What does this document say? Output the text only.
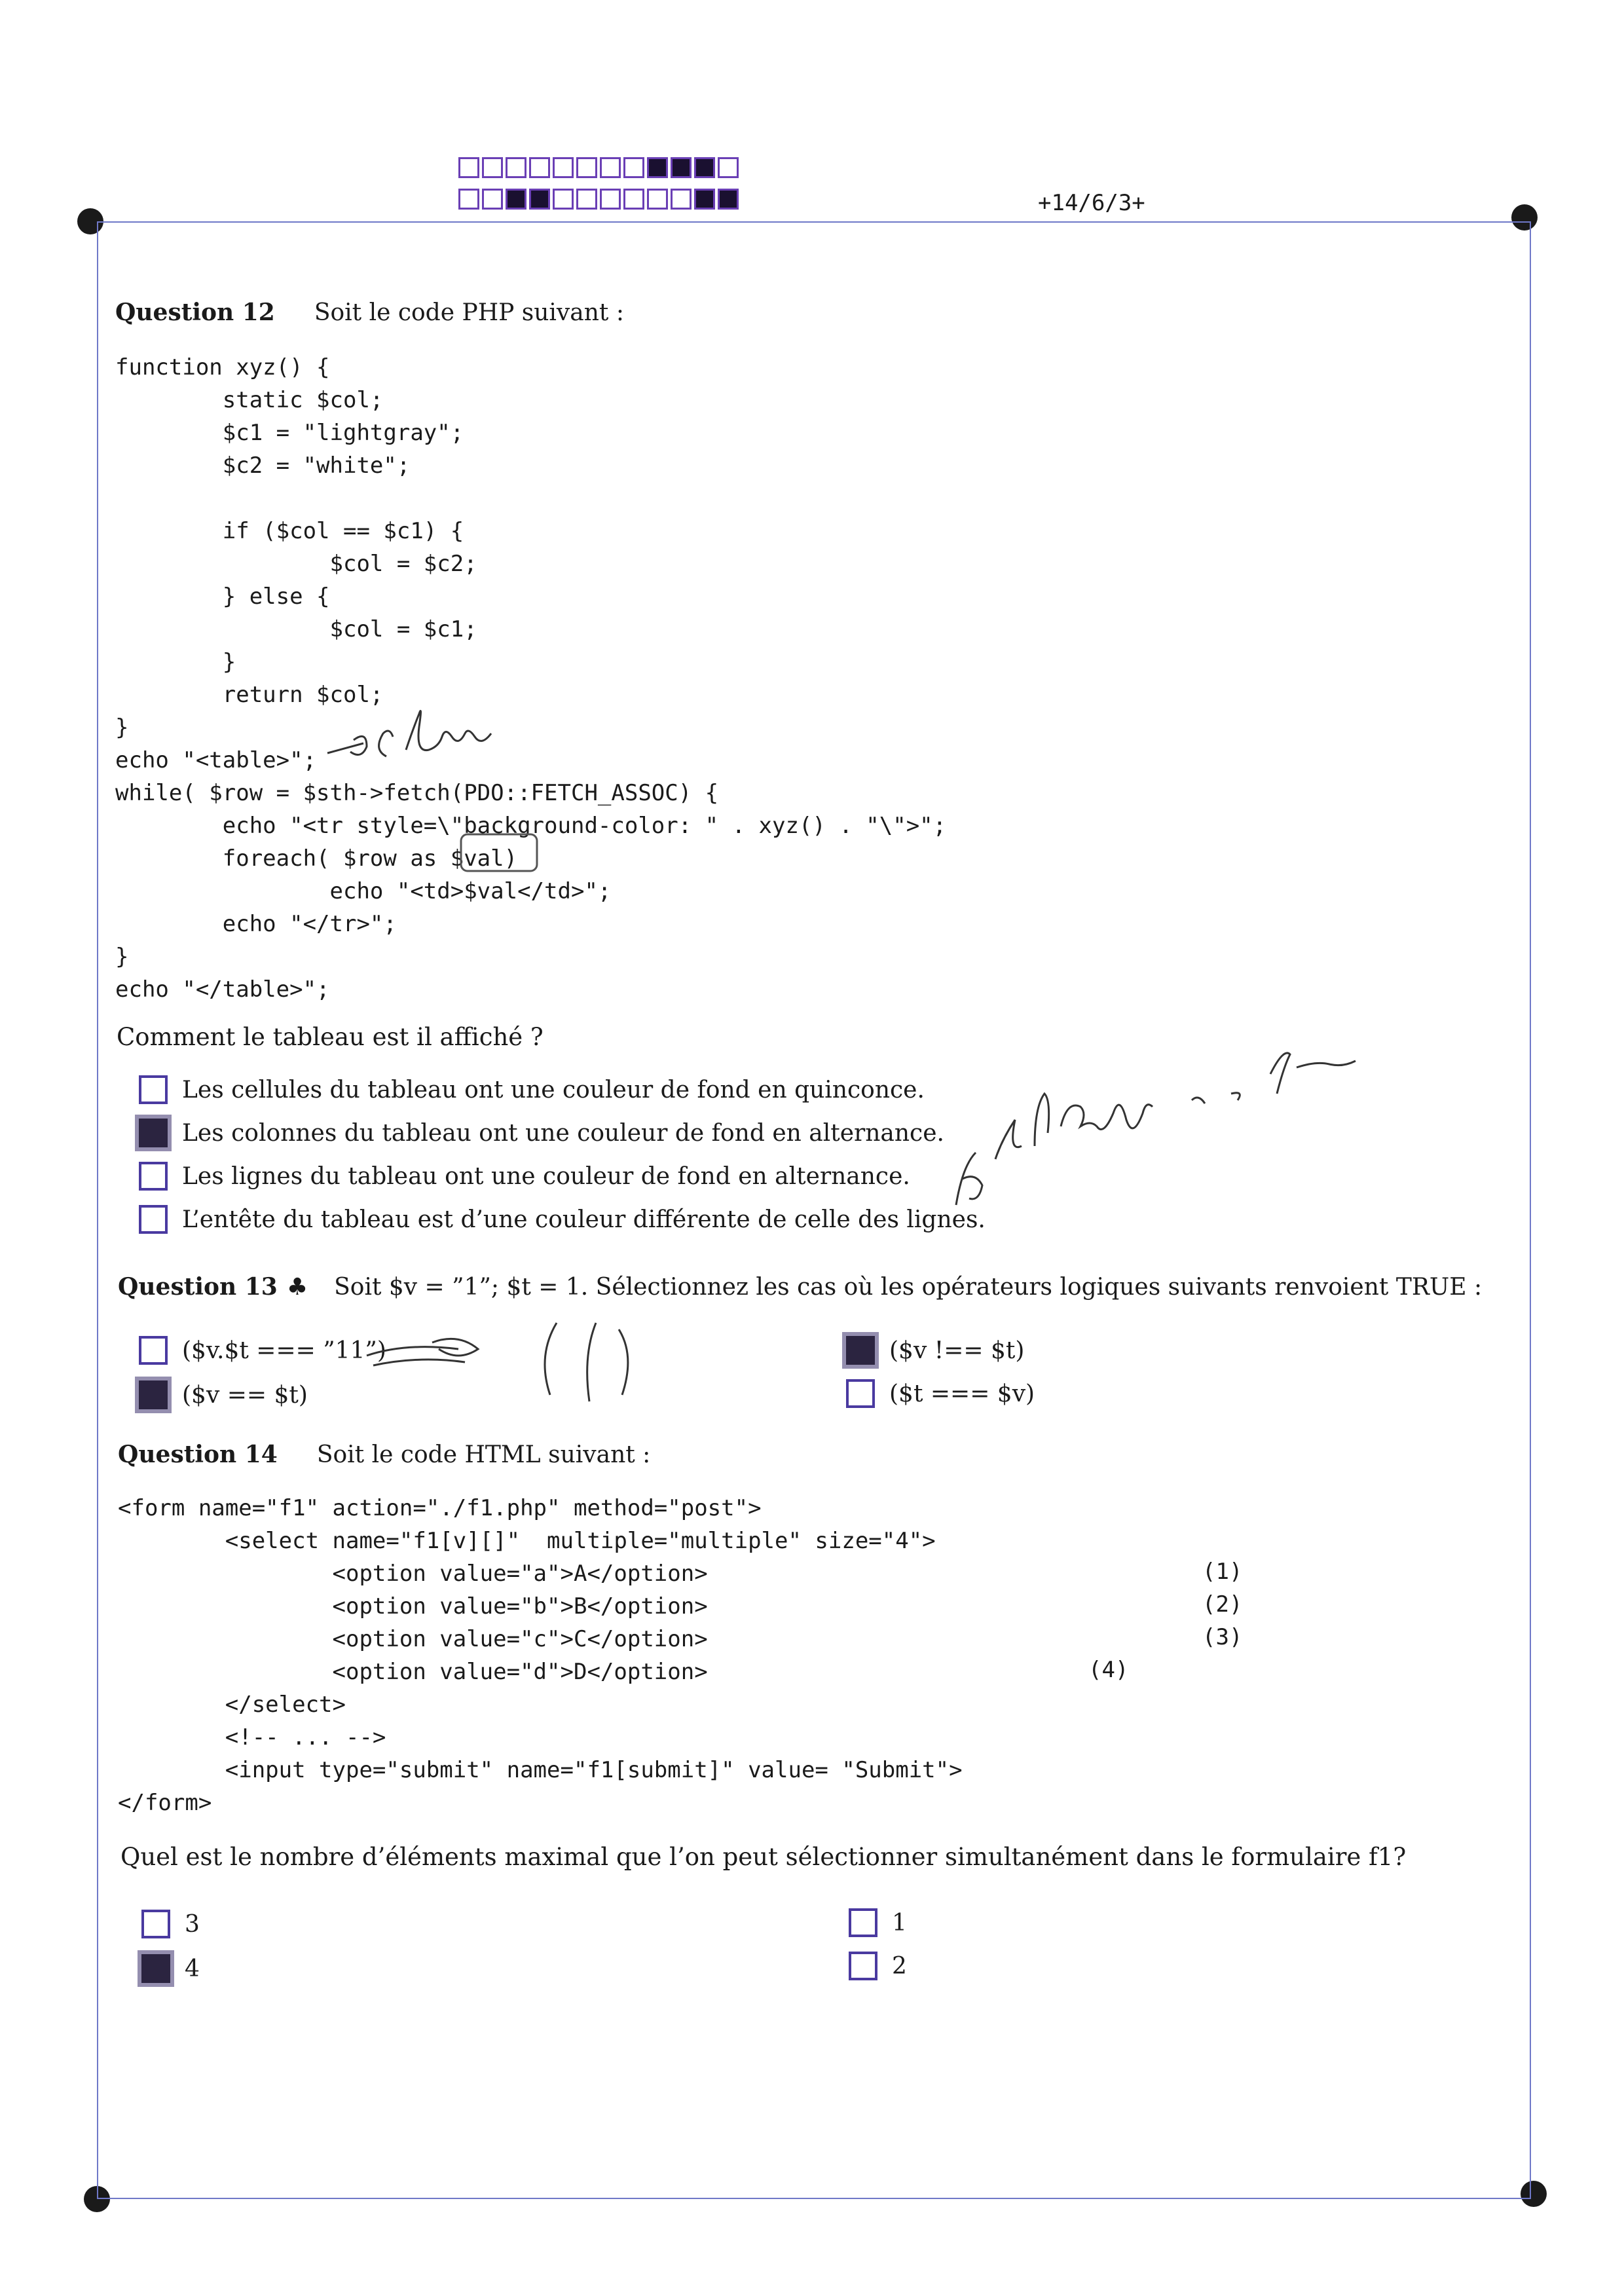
+14/6/3+
Question 12 Soit le code PHP suivant :
function xyz() {
static $col;
$c1 = "lightgray";
$c2 = "white";

if ($col == $c1) {
$col = $c2;
} else {
$col = $c1;
}
return $col;
}
echo "<table>";
while( $row = $sth->fetch(PDO::FETCH_ASSOC) {
echo "<tr style=\"background-color: " . xyz() . "\">";
foreach( $row as $val)
echo "<td>$val</td>";
echo "</tr>";
}
echo "</table>";
colonne
Comment le tableau est il affiché ?
Les cellules du tableau ont une couleur de fond en quinconce.
Les colonnes du tableau ont une couleur de fond en alternance.
Les lignes du tableau ont une couleur de fond en alternance.
L’entête du tableau est d’une couleur différente de celle des lignes.
Mais n'importe quel fermeture
Question 13 ♣ Soit $v = ”1”; $t = 1. Sélectionnez les cas où les opérateurs logiques suivants renvoient TRUE :
($v.$t === ”11”)
($v == $t)
($v !== $t)
($t === $v)
Question 14 Soit le code HTML suivant :
<form name="f1" action="./f1.php" method="post">
<select name="f1[v][]"  multiple="multiple" size="4">
<option value="a">A</option>
<option value="b">B</option>
<option value="c">C</option>
<option value="d">D</option>
</select>
<!-- ... -->
<input type="submit" name="f1[submit]" value= "Submit">
</form>
(1)
(2)
(3)
(4)
Quel est le nombre d’éléments maximal que l’on peut sélectionner simultanément dans le formulaire f1?
3
4
1
2
